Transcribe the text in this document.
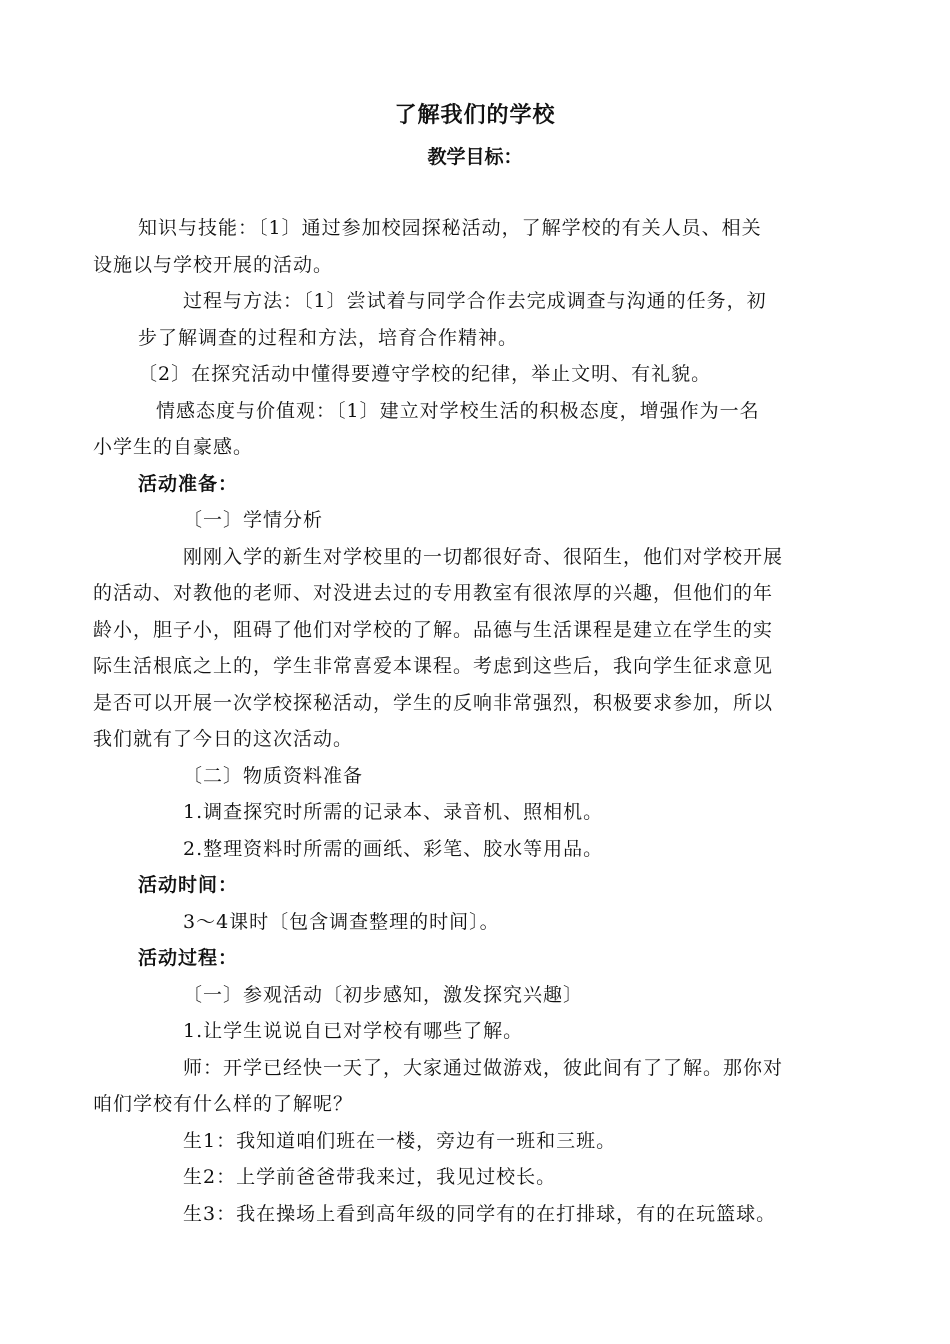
了解我们的学校
教学目标：

知识与技能：〔1〕通过参加校园探秘活动，了解学校的有关人员、相关

设施以与学校开展的活动。

过程与方法：〔1〕尝试着与同学合作去完成调查与沟通的任务，初

步了解调查的过程和方法，培育合作精神。

〔2〕在探究活动中懂得要遵守学校的纪律，举止文明、有礼貌。

情感态度与价值观：〔1〕建立对学校生活的积极态度，增强作为一名

小学生的自豪感。

活动准备：

〔一〕学情分析

刚刚入学的新生对学校里的一切都很好奇、很陌生，他们对学校开展

的活动、对教他的老师、对没进去过的专用教室有很浓厚的兴趣，但他们的年

龄小，胆子小，阻碍了他们对学校的了解。品德与生活课程是建立在学生的实

际生活根底之上的，学生非常喜爱本课程。考虑到这些后，我向学生征求意见

是否可以开展一次学校探秘活动，学生的反响非常强烈，积极要求参加，所以

我们就有了今日的这次活动。

〔二〕物质资料准备

1.调查探究时所需的记录本、录音机、照相机。

2.整理资料时所需的画纸、彩笔、胶水等用品。

活动时间：

3～4课时〔包含调查整理的时间〕。

活动过程：

〔一〕参观活动〔初步感知，激发探究兴趣〕

1.让学生说说自已对学校有哪些了解。

师：开学已经快一天了，大家通过做游戏，彼此间有了了解。那你对

咱们学校有什么样的了解呢？

生1：我知道咱们班在一楼，旁边有一班和三班。

生2：上学前爸爸带我来过，我见过校长。

生3：我在操场上看到高年级的同学有的在打排球，有的在玩篮球。
